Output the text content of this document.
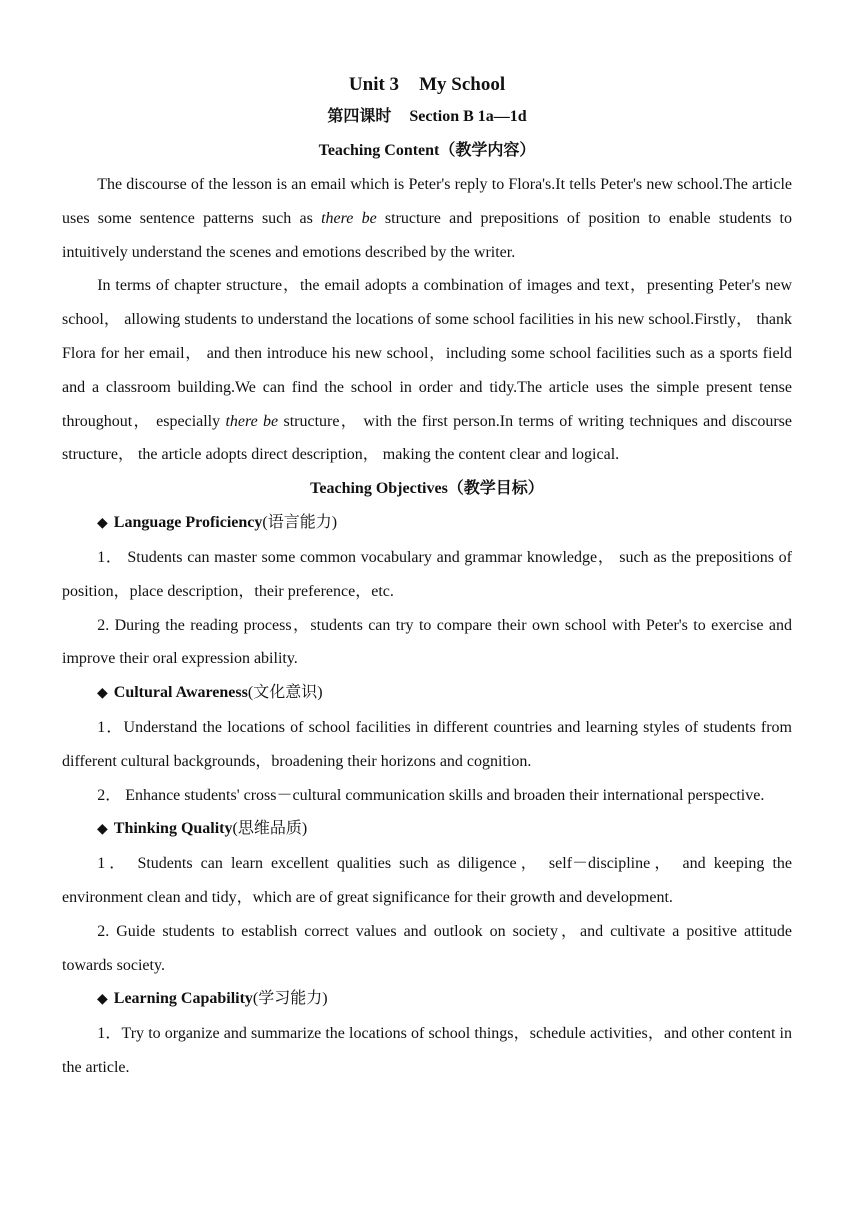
Unit 3 My School
第四课时 Section B 1a—1d
Teaching Content（教学内容）

The discourse of the lesson is an email which is Peter's reply to Flora's.It tells Peter's new school.The article uses some sentence patterns such as there be structure and prepositions of position to enable students to intuitively understand the scenes and emotions described by the writer.

In terms of chapter structure，the email adopts a combination of images and text，presenting Peter's new school， allowing students to understand the locations of some school facilities in his new school.Firstly， thank Flora for her email， and then introduce his new school，including some school facilities such as a sports field and a classroom building.We can find the school in order and tidy.The article uses the simple present tense throughout， especially there be structure， with the first person.In terms of writing techniques and discourse structure， the article adopts direct description， making the content clear and logical.

Teaching Objectives（教学目标）
◆ Language Proficiency(语言能力)

1． Students can master some common vocabulary and grammar knowledge， such as the prepositions of position，place description，their preference，etc.

2. During the reading process，students can try to compare their own school with Peter's to exercise and improve their oral expression ability.

◆ Cultural Awareness(文化意识)

1．Understand the locations of school facilities in different countries and learning styles of students from different cultural backgrounds，broadening their horizons and cognition.

2． Enhance students' cross－cultural communication skills and broaden their international perspective.

◆ Thinking Quality(思维品质)

1． Students can learn excellent qualities such as diligence， self－discipline， and keeping the environment clean and tidy，which are of great significance for their growth and development.

2. Guide students to establish correct values and outlook on society，and cultivate a positive attitude towards society.

◆ Learning Capability(学习能力)

1．Try to organize and summarize the locations of school things，schedule activities，and other content in the article.
